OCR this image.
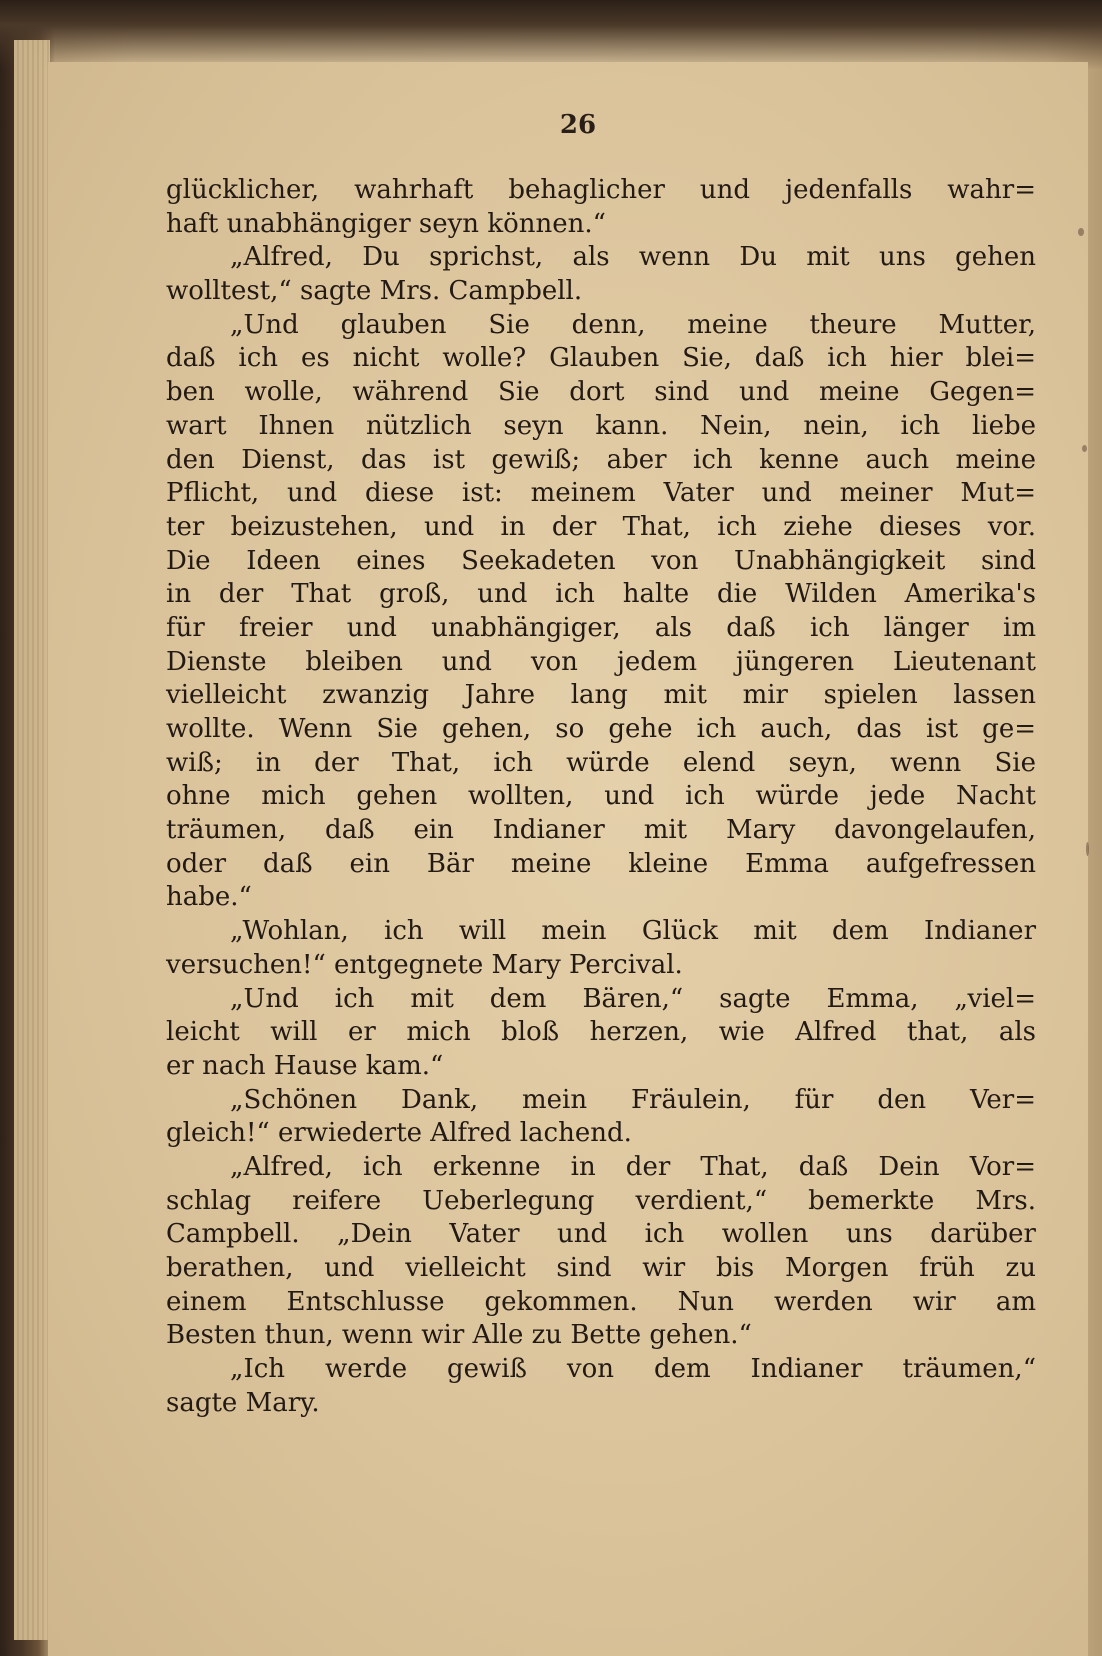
26
glücklicher, wahrhaft behaglicher und jedenfalls wahr=
haft unabhängiger seyn können.“
„Alfred, Du sprichst, als wenn Du mit uns gehen
wolltest,“ sagte Mrs. Campbell.
„Und glauben Sie denn, meine theure Mutter,
daß ich es nicht wolle? Glauben Sie, daß ich hier blei=
ben wolle, während Sie dort sind und meine Gegen=
wart Ihnen nützlich seyn kann. Nein, nein, ich liebe
den Dienst, das ist gewiß; aber ich kenne auch meine
Pflicht, und diese ist: meinem Vater und meiner Mut=
ter beizustehen, und in der That, ich ziehe dieses vor.
Die Ideen eines Seekadeten von Unabhängigkeit sind
in der That groß, und ich halte die Wilden Amerika's
für freier und unabhängiger, als daß ich länger im
Dienste bleiben und von jedem jüngeren Lieutenant
vielleicht zwanzig Jahre lang mit mir spielen lassen
wollte. Wenn Sie gehen, so gehe ich auch, das ist ge=
wiß; in der That, ich würde elend seyn, wenn Sie
ohne mich gehen wollten, und ich würde jede Nacht
träumen, daß ein Indianer mit Mary davongelaufen,
oder daß ein Bär meine kleine Emma aufgefressen
habe.“
„Wohlan, ich will mein Glück mit dem Indianer
versuchen!“ entgegnete Mary Percival.
„Und ich mit dem Bären,“ sagte Emma, „viel=
leicht will er mich bloß herzen, wie Alfred that, als
er nach Hause kam.“
„Schönen Dank, mein Fräulein, für den Ver=
gleich!“ erwiederte Alfred lachend.
„Alfred, ich erkenne in der That, daß Dein Vor=
schlag reifere Ueberlegung verdient,“ bemerkte Mrs.
Campbell. „Dein Vater und ich wollen uns darüber
berathen, und vielleicht sind wir bis Morgen früh zu
einem Entschlusse gekommen. Nun werden wir am
Besten thun, wenn wir Alle zu Bette gehen.“
„Ich werde gewiß von dem Indianer träumen,“
sagte Mary.
